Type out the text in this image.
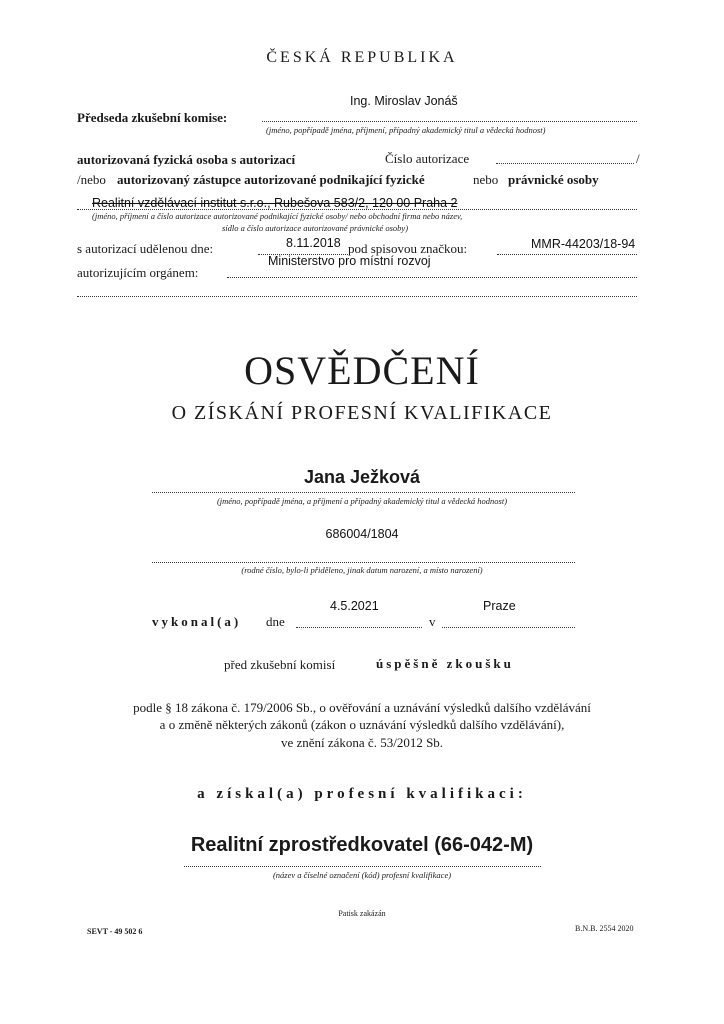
ČESKÁ REPUBLIKA
Ing. Miroslav Jonáš
Předseda zkušební komise:
(jméno, popřípadě jména, příjmení, případný akademický titul a vědecká hodnost)
autorizovaná fyzická osoba s autorizací	Číslo autorizace	/
/nebo autorizovaný zástupce autorizované podnikající fyzické	nebo právnické osoby
Realitní vzdělávací institut s.r.o., Rubešova 583/2, 120 00 Praha 2
(jméno, příjmení a číslo autorizace autorizované podnikající fyzické osoby/ nebo obchodní firma nebo název,
sídlo a číslo autorizace autorizované právnické osoby)
s autorizací udělenou dne:	8.11.2018 pod spisovou značkou:	MMR-44203/18-94
Ministerstvo pro místní rozvoj
autorizujícím orgánem:
OSVĚDČENÍ
O ZÍSKÁNÍ PROFESNÍ KVALIFIKACE
Jana Ježková
(jméno, popřípadě jména, a příjmení a případný akademický titul a vědecká hodnost)
686004/1804
(rodné číslo, bylo-li přiděleno, jinak datum narození, a místo narození)
4.5.2021	Praze
vykonal(a) dne	v
před zkušební komisí	úspěšně zkoušku
podle § 18 zákona č. 179/2006 Sb., o ověřování a uznávání výsledků dalšího vzdělávání
a o změně některých zákonů (zákon o uznávání výsledků dalšího vzdělávání),
ve znění zákona č. 53/2012 Sb.
a získal(a) profesní kvalifikaci:
Realitní zprostředkovatel (66-042-M)
(název a číselné označení (kód) profesní kvalifikace)
Patisk zakázán
SEVT - 49 502 6	B.N.B. 2554 2020
